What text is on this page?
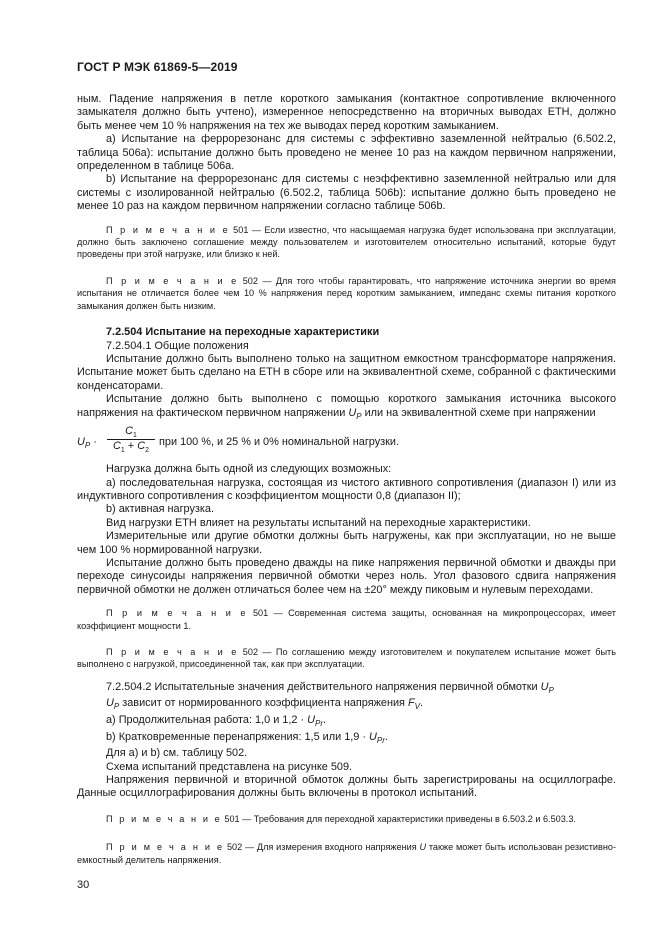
ГОСТ Р МЭК 61869-5—2019

ным. Падение напряжения в петле короткого замыкания (контактное сопротивление включенного замыкателя должно быть учтено), измеренное непосредственно на вторичных выводах ЕТН, должно быть менее чем 10 % напряжения на тех же выводах перед коротким замыканием.

а) Испытание на феррорезонанс для системы с эффективно заземленной нейтралью (6.502.2, таблица 506а): испытание должно быть проведено не менее 10 раз на каждом первичном напряжении, определенном в таблице 506а.

b) Испытание на феррорезонанс для системы с неэффективно заземленной нейтралью или для системы с изолированной нейтралью (6.502.2, таблица 506b): испытание должно быть проведено не менее 10 раз на каждом первичном напряжении согласно таблице 506b.

П р и м е ч а н и е 501 — Если известно, что насыщаемая нагрузка будет использована при эксплуатации, должно быть заключено соглашение между пользователем и изготовителем относительно испытаний, которые будут проведены при этой нагрузке, или близко к ней.

П р и м е ч а н и е 502 — Для того чтобы гарантировать, что напряжение источника энергии во время испытания не отличается более чем 10 % напряжения перед коротким замыканием, импеданс схемы питания короткого замыкания должен быть низким.

7.2.504 Испытание на переходные характеристики

7.2.504.1 Общие положения

Испытание должно быть выполнено только на защитном емкостном трансформаторе напряжения. Испытание может быть сделано на ЕТН в сборе или на эквивалентной схеме, собранной с фактическими конденсаторами.

Испытание должно быть выполнено с помощью короткого замыкания источника высокого напряжения на фактическом первичном напряжении $U_P$ или на эквивалентной схеме при напряжении

$U_P \cdot \frac{C_1}{C_1 + C_2}$ при 100 %, и 25 % и 0% номинальной нагрузки.

Нагрузка должна быть одной из следующих возможных:

а) последовательная нагрузка, состоящая из чистого активного сопротивления (диапазон I) или из индуктивного сопротивления с коэффициентом мощности 0,8 (диапазон II);

b) активная нагрузка.

Вид нагрузки ЕТН влияет на результаты испытаний на переходные характеристики.

Измерительные или другие обмотки должны быть нагружены, как при эксплуатации, но не выше чем 100 % нормированной нагрузки.

Испытание должно быть проведено дважды на пике напряжения первичной обмотки и дважды при переходе синусоиды напряжения первичной обмотки через ноль. Угол фазового сдвига напряжения первичной обмотки не должен отличаться более чем на ±20° между пиковым и нулевым переходами.

П р и м е ч а н и е 501 — Современная система защиты, основанная на микропроцессорах, имеет коэффициент мощности 1.

П р и м е ч а н и е 502 — По соглашению между изготовителем и покупателем испытание может быть выполнено с нагрузкой, присоединенной так, как при эксплуатации.

7.2.504.2 Испытательные значения действительного напряжения первичной обмотки $U_P$

$U_P$ зависит от нормированного коэффициента напряжения $F_V$.

а) Продолжительная работа: 1,0 и $1,2 \cdot U_{Pr}$.

b) Кратковременные перенапряжения: 1,5 или $1,9 \cdot U_{Pr}$.

Для а) и b) см. таблицу 502.

Схема испытаний представлена на рисунке 509.

Напряжения первичной и вторичной обмоток должны быть зарегистрированы на осциллографе. Данные осциллографирования должны быть включены в протокол испытаний.

П р и м е ч а н и е 501 — Требования для переходной характеристики приведены в 6.503.2 и 6.503.3.

П р и м е ч а н и е 502 — Для измерения входного напряжения U также может быть использован резистивно-емкостный делитель напряжения.

30
